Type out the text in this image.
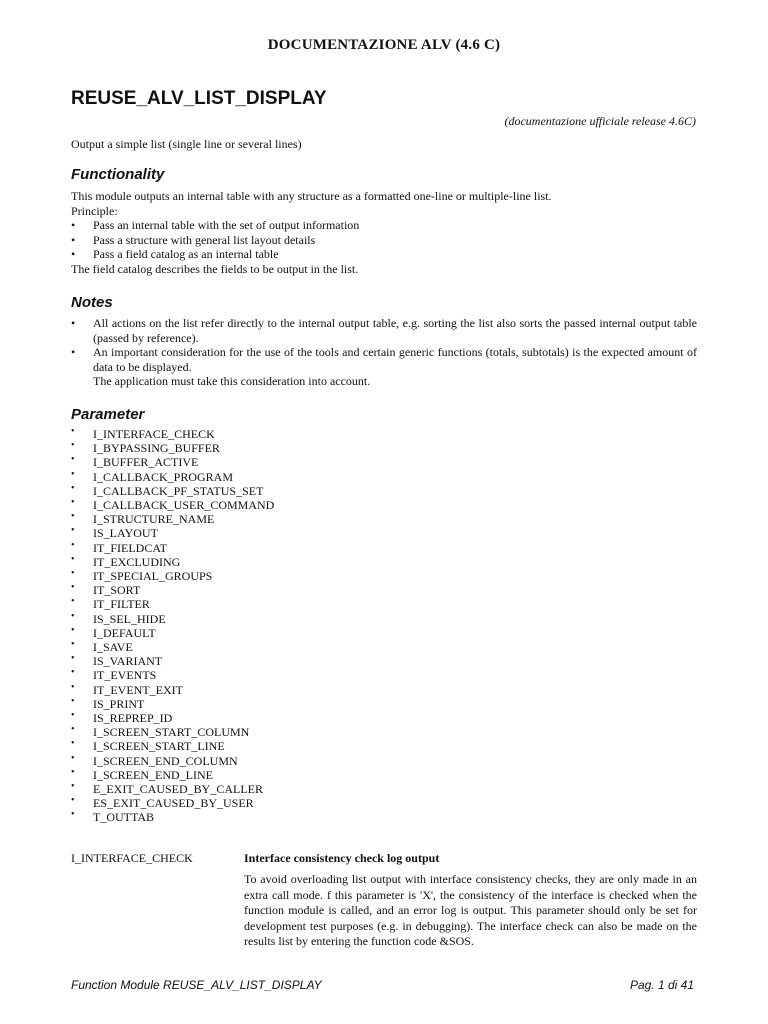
DOCUMENTAZIONE ALV (4.6 C)
REUSE_ALV_LIST_DISPLAY
(documentazione ufficiale release 4.6C)
Output a simple list (single line or several lines)
Functionality
This module outputs an internal table with any structure as a formatted one-line or multiple-line list.
Principle:
• Pass an internal table with the set of output information
• Pass a structure with general list layout details
• Pass a field catalog as an internal table
The field catalog describes the fields to be output in the list.
Notes
• All actions on the list refer directly to the internal output table, e.g. sorting the list also sorts the passed internal output table (passed by reference).
• An important consideration for the use of the tools and certain generic functions (totals, subtotals) is the expected amount of data to be displayed.
The application must take this consideration into account.
Parameter
• I_INTERFACE_CHECK
• I_BYPASSING_BUFFER
• I_BUFFER_ACTIVE
• I_CALLBACK_PROGRAM
• I_CALLBACK_PF_STATUS_SET
• I_CALLBACK_USER_COMMAND
• I_STRUCTURE_NAME
• IS_LAYOUT
• IT_FIELDCAT
• IT_EXCLUDING
• IT_SPECIAL_GROUPS
• IT_SORT
• IT_FILTER
• IS_SEL_HIDE
• I_DEFAULT
• I_SAVE
• IS_VARIANT
• IT_EVENTS
• IT_EVENT_EXIT
• IS_PRINT
• IS_REPREP_ID
• I_SCREEN_START_COLUMN
• I_SCREEN_START_LINE
• I_SCREEN_END_COLUMN
• I_SCREEN_END_LINE
• E_EXIT_CAUSED_BY_CALLER
• ES_EXIT_CAUSED_BY_USER
• T_OUTTAB
I_INTERFACE_CHECK	Interface consistency check log output
To avoid overloading list output with interface consistency checks, they are only made in an extra call mode. f this parameter is 'X', the consistency of the interface is checked when the function module is called, and an error log is output. This parameter should only be set for development test purposes (e.g. in debugging). The interface check can also be made on the results list by entering the function code &SOS.
Function Module REUSE_ALV_LIST_DISPLAY	Pag. 1 di 41
